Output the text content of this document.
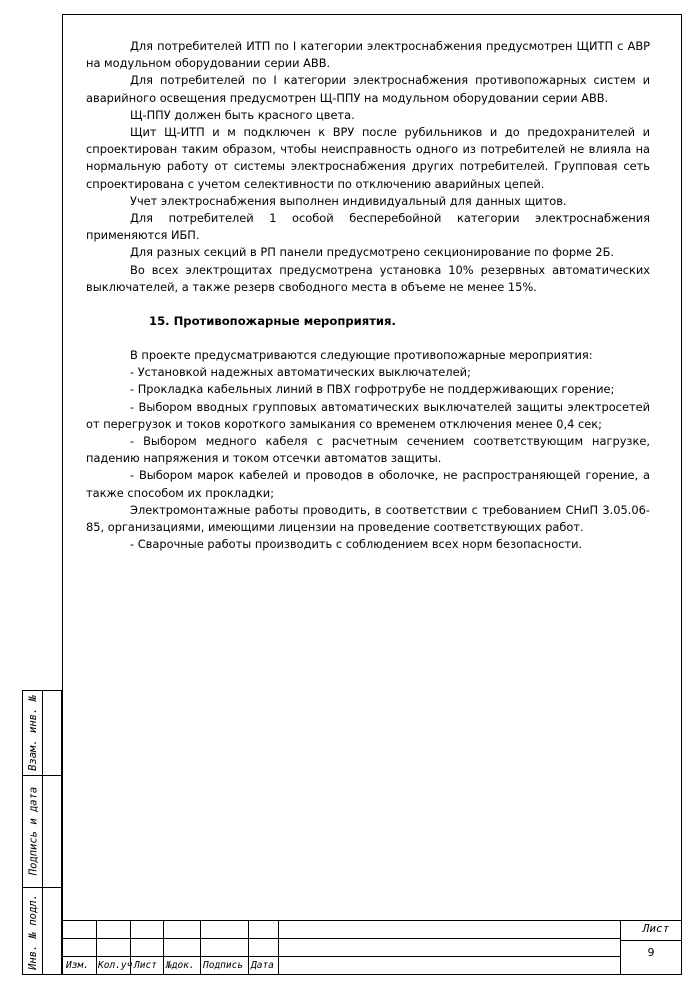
Для потребителей ИТП по I категории электроснабжения предусмотрен ЩИТП с АВР на модульном оборудовании серии ABB.

Для потребителей по I категории электроснабжения противопожарных систем и аварийного освещения предусмотрен Щ-ППУ на модульном оборудовании серии ABB.

Щ-ППУ должен быть красного цвета.

Щит Щ-ИТП и м подключен к ВРУ после рубильников и до предохранителей и спроектирован таким образом, чтобы неисправность одного из потребителей не влияла на нормальную работу от системы электроснабжения других потребителей. Групповая сеть спроектирована с учетом селективности по отключению аварийных цепей.

Учет электроснабжения выполнен индивидуальный для данных щитов.

Для потребителей 1 особой бесперебойной категории электроснабжения применяются ИБП.

Для разных секций в РП панели предусмотрено секционирование по форме 2Б.

Во всех электрощитах предусмотрена установка 10% резервных автоматических выключателей, а также резерв свободного места в объеме не менее 15%.

15. Противопожарные мероприятия.

В проекте предусматриваются следующие противопожарные мероприятия:

- Установкой надежных автоматических выключателей;

- Прокладка кабельных линий в ПВХ гофротрубе не поддерживающих горение;

- Выбором вводных групповых автоматических выключателей защиты электросетей от перегрузок и токов короткого замыкания со временем отключения менее 0,4 сек;

- Выбором медного кабеля с расчетным сечением соответствующим нагрузке, падению напряжения и током отсечки автоматов защиты.

- Выбором марок кабелей и проводов в оболочке, не распространяющей горение, а также способом их прокладки;

Электромонтажные работы проводить, в соответствии с требованием СНиП 3.05.06-85, организациями, имеющими лицензии на проведение соответствующих работ.

- Сварочные работы производить с соблюдением всех норм безопасности.

Взам. инв. №
Подпись и дата
Инв. № подл.	Изм. Кол.уч Лист №док. Подпись Дата
Лист
9
